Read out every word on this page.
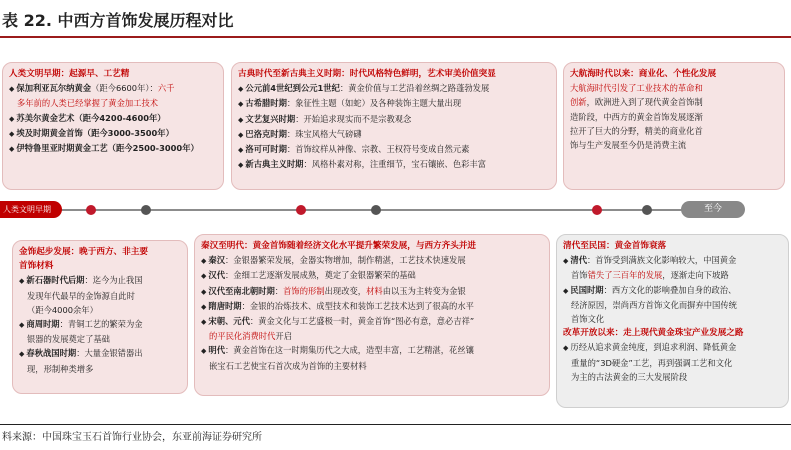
表 22. 中西方首饰发展历程对比
人类文明早期：起源早、工艺精
◆ 保加利亚瓦尔纳黄金（距今6600年）：六千
多年前的人类已经掌握了黄金加工技术
◆ 苏美尔黄金艺术（距今4200-4600年）
◆ 埃及时期黄金首饰（距今3000-3500年）
◆ 伊特鲁里亚时期黄金工艺（距今2500-3000年）
古典时代至新古典主义时期：时代风格特色鲜明，艺术审美价值突显
◆ 公元前4世纪到公元1世纪：黄金价值与工艺沿着丝绸之路蓬勃发展
◆ 古希腊时期：象征性主题（如蛇）及各种装饰主题大量出现
◆ 文艺复兴时期：开始追求现实而不是宗教观念
◆ 巴洛克时期：珠宝风格大气磅礴
◆ 洛可可时期：首饰纹样从神像、宗教、王权符号变成自然元素
◆ 新古典主义时期：风格朴素对称，注重细节，宝石镶嵌、色彩丰富
大航海时代以来：商业化、个性化发展
大航海时代引发了工业技术的革命和
创新，欧洲进入到了现代黄金首饰制
造阶段，中西方的黄金首饰发展逐渐
拉开了巨大的分野，精美的商业化首
饰与生产发展至今仍是消费主流
人类文明早期	至今
金饰起步发展：晚于西方、非主要
首饰材料
◆ 新石器时代后期：迄今为止我国
发现年代最早的金饰源自此时
（距今4000余年）
◆ 商周时期：青铜工艺的繁荣为金
银器的发展奠定了基础
◆ 春秋战国时期：大量金银错器出
现，形制种类增多
秦汉至明代：黄金首饰随着经济文化水平提升繁荣发展，与西方齐头并进
◆ 秦汉：金银器繁荣发展，金器实物增加，制作精湛，工艺技术快速发展
◆ 汉代：金细工艺逐渐发展成熟，奠定了金银器繁荣的基础
◆ 汉代至南北朝时期：首饰的形制出现改变，材料由以玉为主转变为金银
◆ 隋唐时期：金银的冶炼技术、成型技术和装饰工艺技术达到了很高的水平
◆ 宋朝、元代：黄金文化与工艺盛极一时，黄金首饰“图必有意，意必吉祥”
的平民化消费时代开启
◆ 明代：黄金首饰在这一时期集历代之大成，造型丰富，工艺精湛，花丝镶
嵌宝石工艺使宝石首次成为首饰的主要材料
清代至民国：黄金首饰衰落
◆ 清代：首饰受到满族文化影响较大，中国黄金
首饰错失了三百年的发展，逐渐走向下坡路
◆ 民国时期：西方文化的影响叠加自身的政治、
经济原因，崇尚西方首饰文化而摒弃中国传统
首饰文化
改革开放以来：走上现代黄金珠宝产业发展之路
◆ 历经从追求黄金纯度，到追求利润、降低黄金
重量的“3D硬金”工艺，再到强调工艺和文化
为主的古法黄金的三大发展阶段
料来源：中国珠宝玉石首饰行业协会，东亚前海证券研究所
